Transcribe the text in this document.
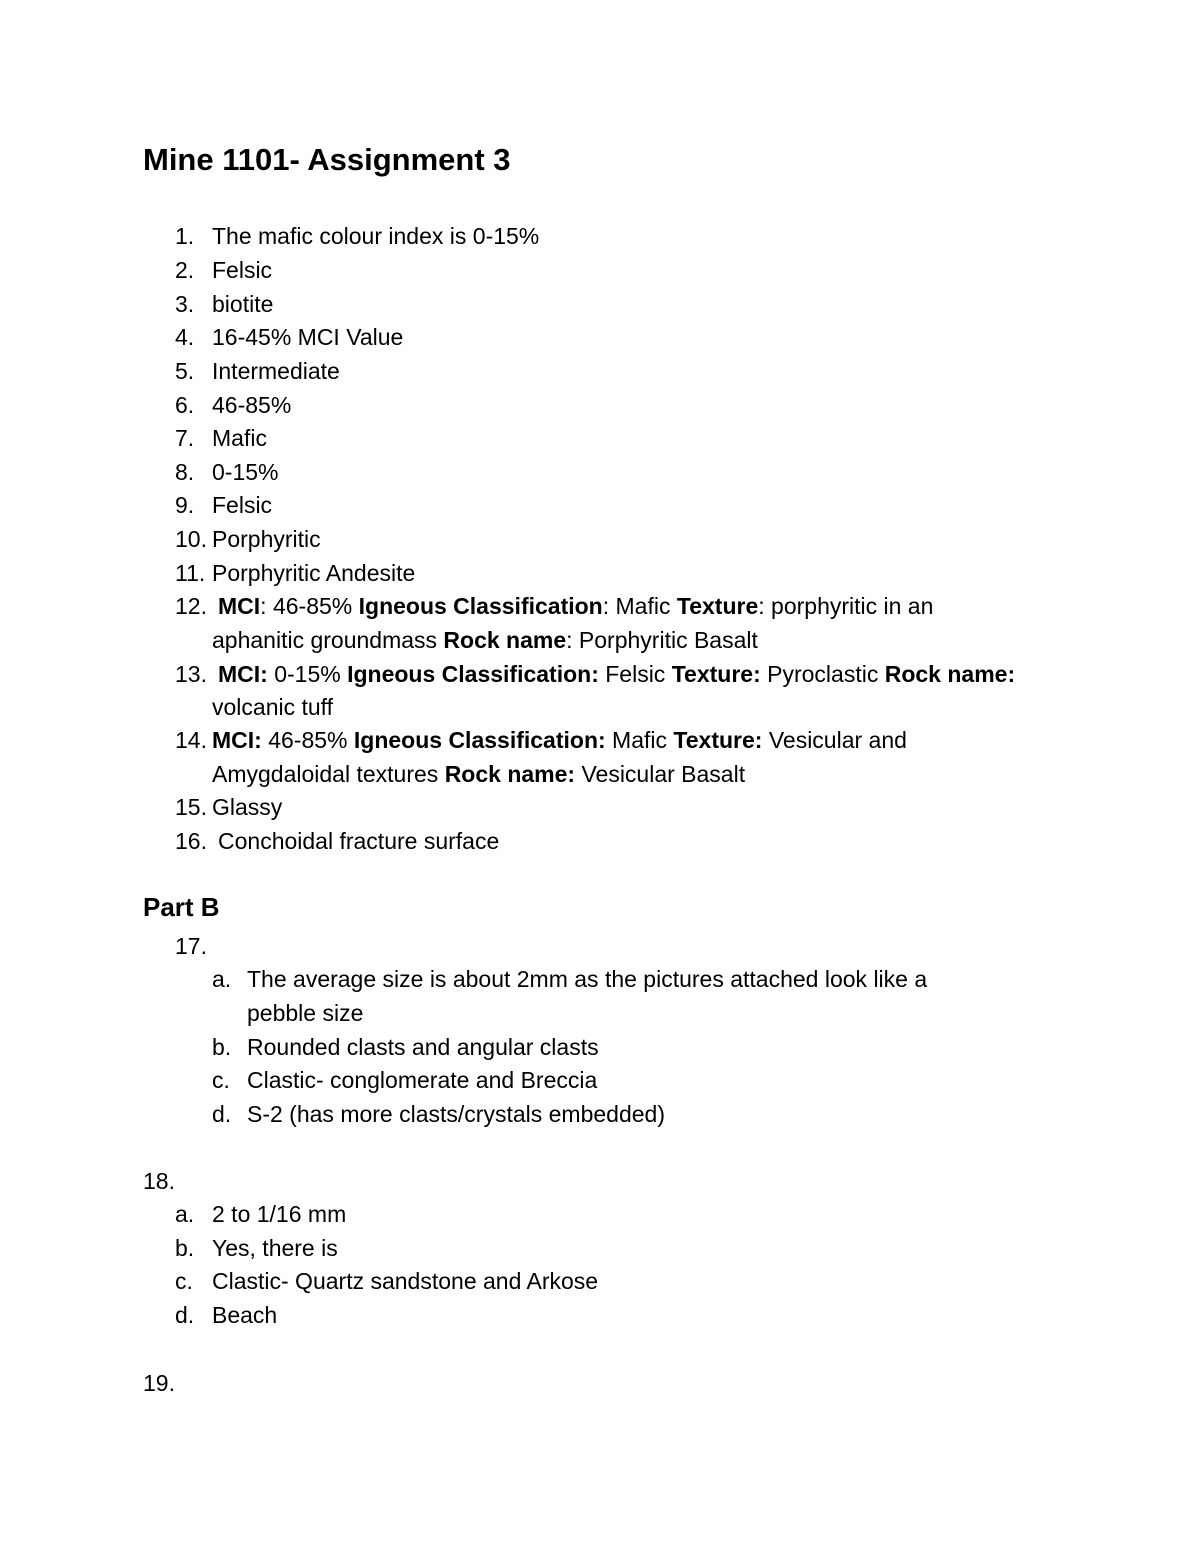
Mine 1101- Assignment 3
1. The mafic colour index is 0-15%
2. Felsic
3. biotite
4. 16-45% MCI Value
5. Intermediate
6. 46-85%
7. Mafic
8. 0-15%
9. Felsic
10. Porphyritic
11. Porphyritic Andesite
12. MCI: 46-85% Igneous Classification: Mafic Texture: porphyritic in an
aphanitic groundmass Rock name: Porphyritic Basalt
13. MCI: 0-15% Igneous Classification: Felsic Texture: Pyroclastic Rock name:
volcanic tuff
14. MCI: 46-85% Igneous Classification: Mafic Texture: Vesicular and
Amygdaloidal textures Rock name: Vesicular Basalt
15. Glassy
16. Conchoidal fracture surface
Part B
17.
a. The average size is about 2mm as the pictures attached look like a
pebble size
b. Rounded clasts and angular clasts
c. Clastic- conglomerate and Breccia
d. S-2 (has more clasts/crystals embedded)
18.
a. 2 to 1/16 mm
b. Yes, there is
c. Clastic- Quartz sandstone and Arkose
d. Beach
19.
